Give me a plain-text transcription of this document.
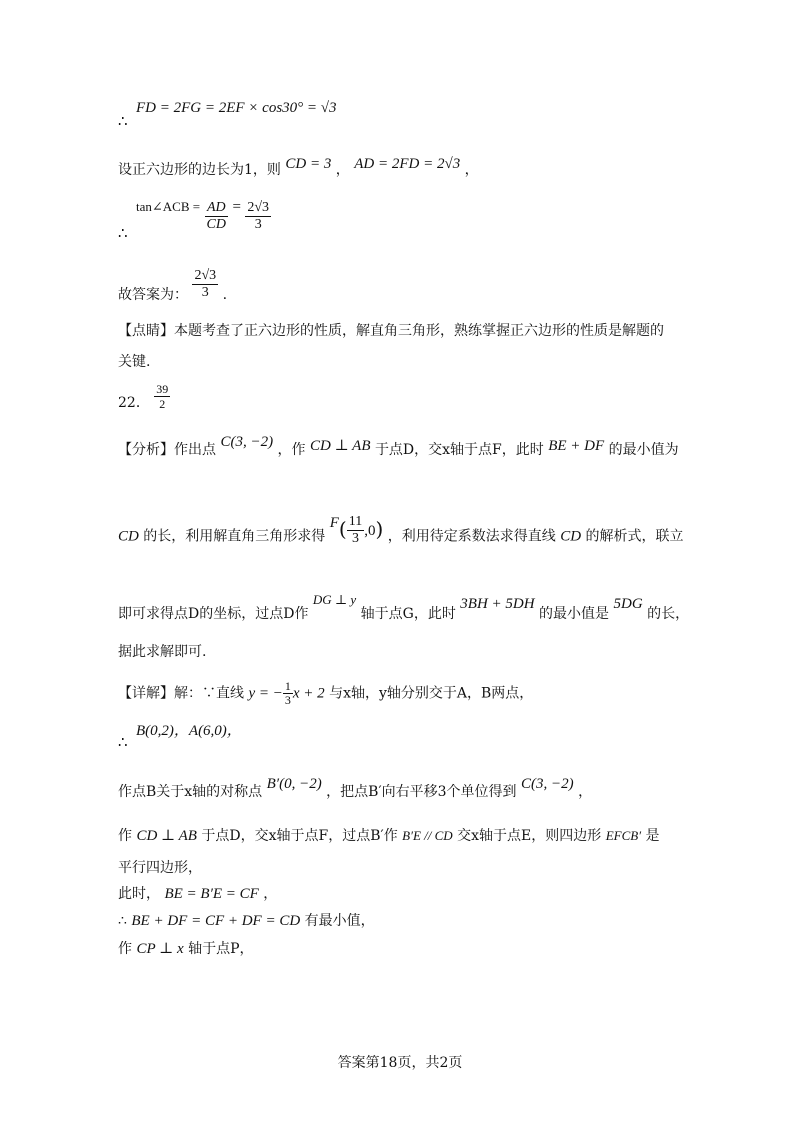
∴
FD = 2FG = 2EF × cos30° = √3
设正六边形的边长为1，则 CD = 3 ， AD = 2FD = 2√3 ，
∴
tan∠ACB = $\frac{AD}{CD} = \frac{2√3}{3}$
故答案为： $\frac{2√3}{3}$ .
【点睛】本题考查了正六边形的性质，解直角三角形，熟练掌握正六边形的性质是解题的
关键.
22． $\frac{39}{2}$
【分析】作出点 C(3, −2) ，作 CD ⊥ AB 于点D，交x轴于点F，此时 BE + DF 的最小值为
CD 的长，利用解直角三角形求得 $F( \frac{11}{3} ,0)$ ，利用待定系数法求得直线 CD 的解析式，联立
即可求得点D的坐标，过点D作 DG ⊥ y 轴于点G，此时 3BH + 5DH 的最小值是 5DG 的长，
据此求解即可.
【详解】解：∵直线 y = − $\frac{1}{3}$ x + 2 与x轴，y轴分别交于A，B两点，
∴
B(0,2)，A(6,0)，
作点B关于x轴的对称点 B′(0, −2) ，把点B′向右平移3个单位得到 C(3, −2) ，
作 CD ⊥ AB 于点D，交x轴于点F，过点B′作 B′E // CD 交x轴于点E，则四边形 EFCB′ 是
平行四边形，
此时， BE = B′E = CF ，
∴ BE + DF = CF + DF = CD 有最小值，
作 CP ⊥ x 轴于点P，
答案第18页，共2页
